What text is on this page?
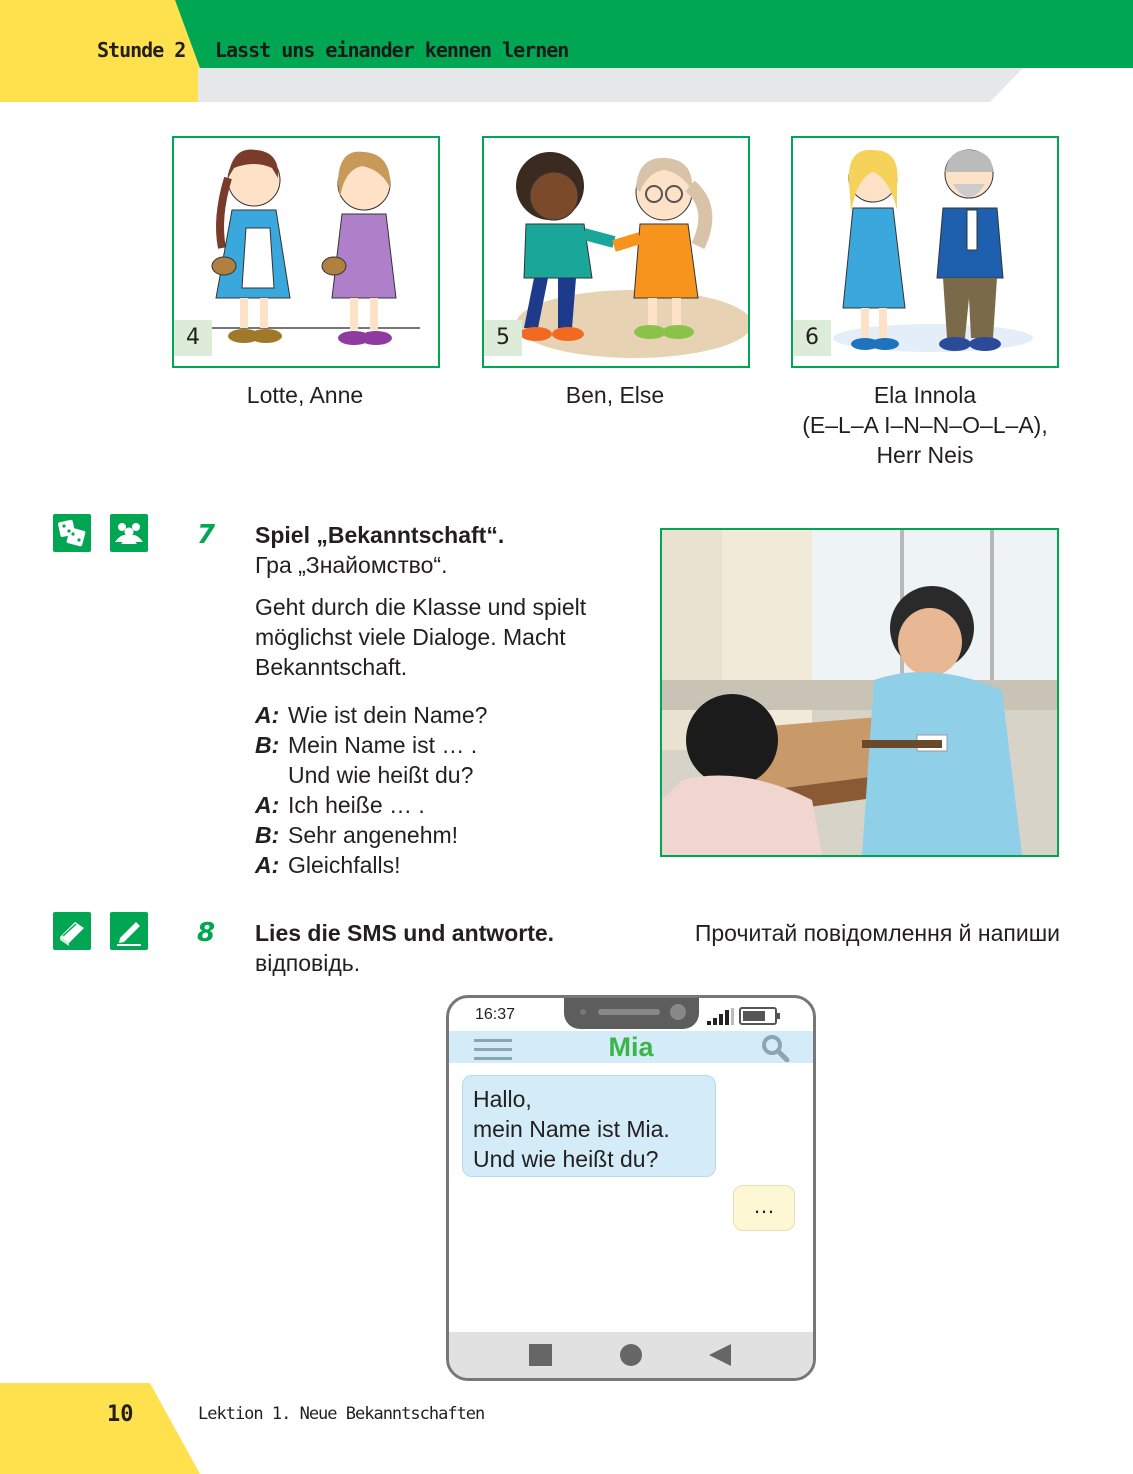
Stunde 2 Lasst uns einander kennen lernen
4	5	6
Lotte, Anne	Ben, Else	Ela Innola
(E–L–A I–N–N–O–L–A),
Herr Neis
7 Spiel „Bekanntschaft“.
Гра „Знайомство“.
Geht durch die Klasse und spielt
möglichst viele Dialoge. Macht
Bekanntschaft.
A: Wie ist dein Name?
B: Mein Name ist … .
Und wie heißt du?
A: Ich heiße … .
B: Sehr angenehm!
A: Gleichfalls!
8 Lies die SMS und antworte.	Прочитай повідомлення й напиши
відповідь.
16:37
Mia
Hallo,
mein Name ist Mia.
Und wie heißt du?
…
10	Lektion 1. Neue Bekanntschaften
